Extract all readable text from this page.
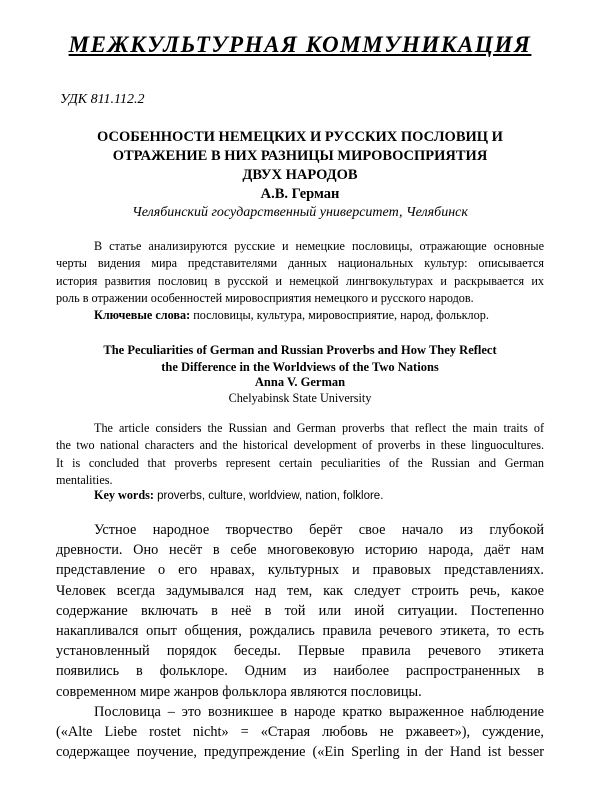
МЕЖКУЛЬТУРНАЯ КОММУНИКАЦИЯ
УДК 811.112.2
ОСОБЕННОСТИ НЕМЕЦКИХ И РУССКИХ ПОСЛОВИЦ И
ОТРАЖЕНИЕ В НИХ РАЗНИЦЫ МИРОВОСПРИЯТИЯ
ДВУХ НАРОДОВ
А.В. Герман
Челябинский государственный университет, Челябинск
В статье анализируются русские и немецкие пословицы, отражающие основные
черты видения мира представителями данных национальных культур: описывается
история развития пословиц в русской и немецкой лингвокультурах и раскрывается их
роль в отражении особенностей мировосприятия немецкого и русского народов.
Ключевые слова: пословицы, культура, мировосприятие, народ, фольклор.
The Peculiarities of German and Russian Proverbs and How They Reflect
the Difference in the Worldviews of the Two Nations
Anna V. German
Chelyabinsk State University
The article considers the Russian and German proverbs that reflect the main traits of
the two national characters and the historical development of proverbs in these linguocultures.
It is concluded that proverbs represent certain peculiarities of the Russian and German
mentalities.
Key words: proverbs, culture, worldview, nation, folklore.
Устное народное творчество берёт свое начало из глубокой
древности. Оно несёт в себе многовековую историю народа, даёт нам
представление о его нравах, культурных и правовых представлениях.
Человек всегда задумывался над тем, как следует строить речь, какое
содержание включать в неё в той или иной ситуации. Постепенно
накапливался опыт общения, рождались правила речевого этикета, то есть
установленный порядок беседы. Первые правила речевого этикета
появились в фольклоре. Одним из наиболее распространенных в
современном мире жанров фольклора являются пословицы.
Пословица – это возникшее в народе кратко выраженное наблюдение
(«Alte Liebe rostet nicht» = «Старая любовь не ржавеет»), суждение,
содержащее поучение, предупреждение («Ein Sperling in der Hand ist besser
